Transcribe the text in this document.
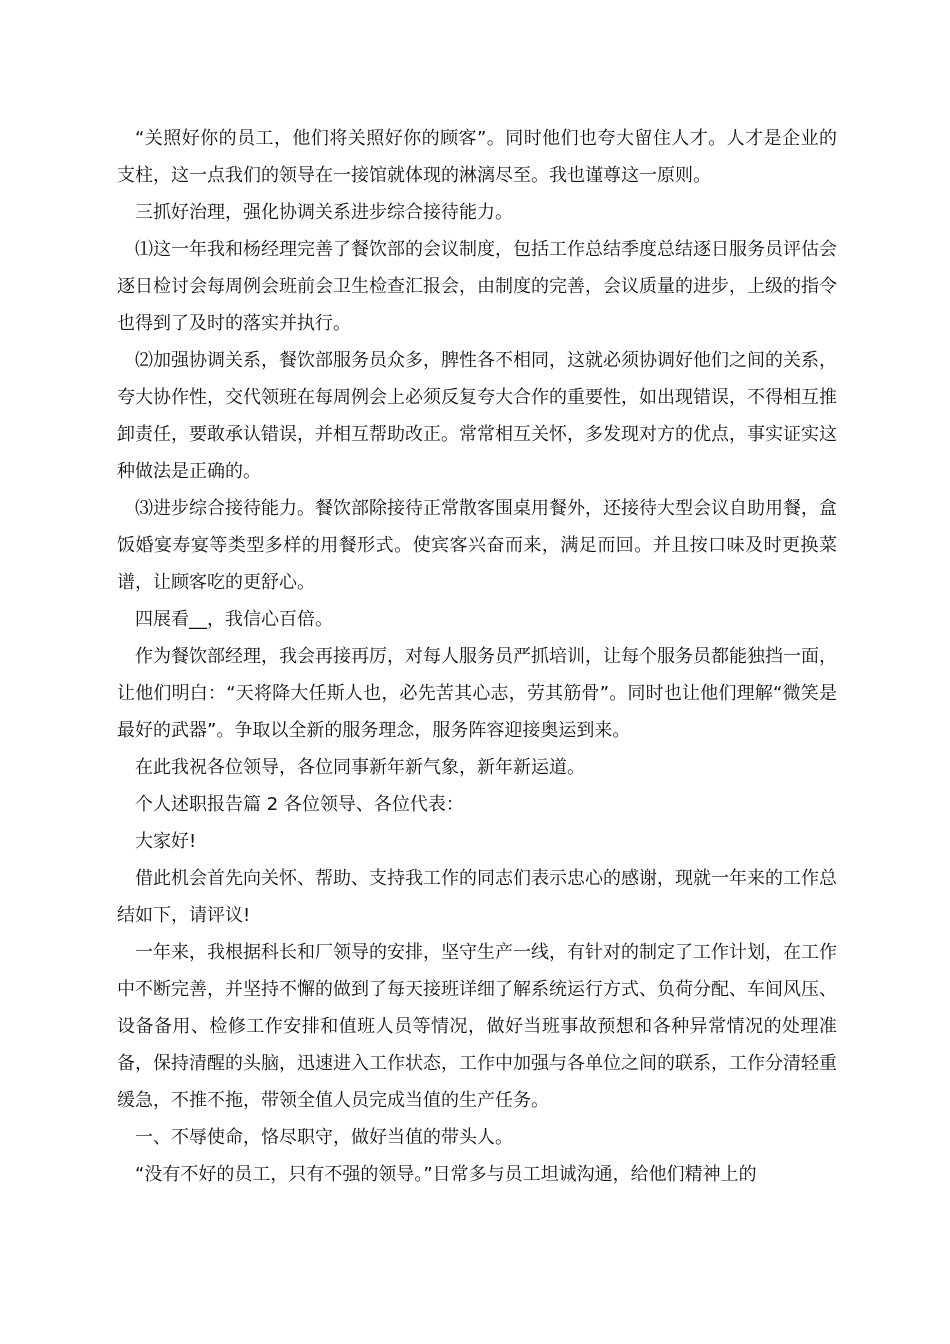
“关照好你的员工，他们将关照好你的顾客”。同时他们也夸大留住人才。人才是企业的支柱，这一点我们的领导在一接馆就体现的淋漓尽至。我也谨尊这一原则。

三抓好治理，强化协调关系进步综合接待能力。

⑴这一年我和杨经理完善了餐饮部的会议制度，包括工作总结季度总结逐日服务员评估会逐日检讨会每周例会班前会卫生检查汇报会，由制度的完善，会议质量的进步，上级的指令也得到了及时的落实并执行。

⑵加强协调关系，餐饮部服务员众多，脾性各不相同，这就必须协调好他们之间的关系，夸大协作性，交代领班在每周例会上必须反复夸大合作的重要性，如出现错误，不得相互推卸责任，要敢承认错误，并相互帮助改正。常常相互关怀，多发现对方的优点，事实证实这种做法是正确的。

⑶进步综合接待能力。餐饮部除接待正常散客围桌用餐外，还接待大型会议自助用餐，盒饭婚宴寿宴等类型多样的用餐形式。使宾客兴奋而来，满足而回。并且按口味及时更换菜谱，让顾客吃的更舒心。

四展看__，我信心百倍。

作为餐饮部经理，我会再接再厉，对每人服务员严抓培训，让每个服务员都能独挡一面，让他们明白：“天将降大任斯人也，必先苦其心志，劳其筋骨”。同时也让他们理解“微笑是最好的武器”。争取以全新的服务理念，服务阵容迎接奥运到来。

在此我祝各位领导，各位同事新年新气象，新年新运道。

个人述职报告篇 2 各位领导、各位代表：

大家好!

借此机会首先向关怀、帮助、支持我工作的同志们表示忠心的感谢，现就一年来的工作总结如下，请评议!

一年来，我根据科长和厂领导的安排，坚守生产一线，有针对的制定了工作计划，在工作中不断完善，并坚持不懈的做到了每天接班详细了解系统运行方式、负荷分配、车间风压、设备备用、检修工作安排和值班人员等情况，做好当班事故预想和各种异常情况的处理准备，保持清醒的头脑，迅速进入工作状态，工作中加强与各单位之间的联系，工作分清轻重缓急，不推不拖，带领全值人员完成当值的生产任务。

一、不辱使命，恪尽职守，做好当值的带头人。

“没有不好的员工，只有不强的领导。”日常多与员工坦诚沟通，给他们精神上的
